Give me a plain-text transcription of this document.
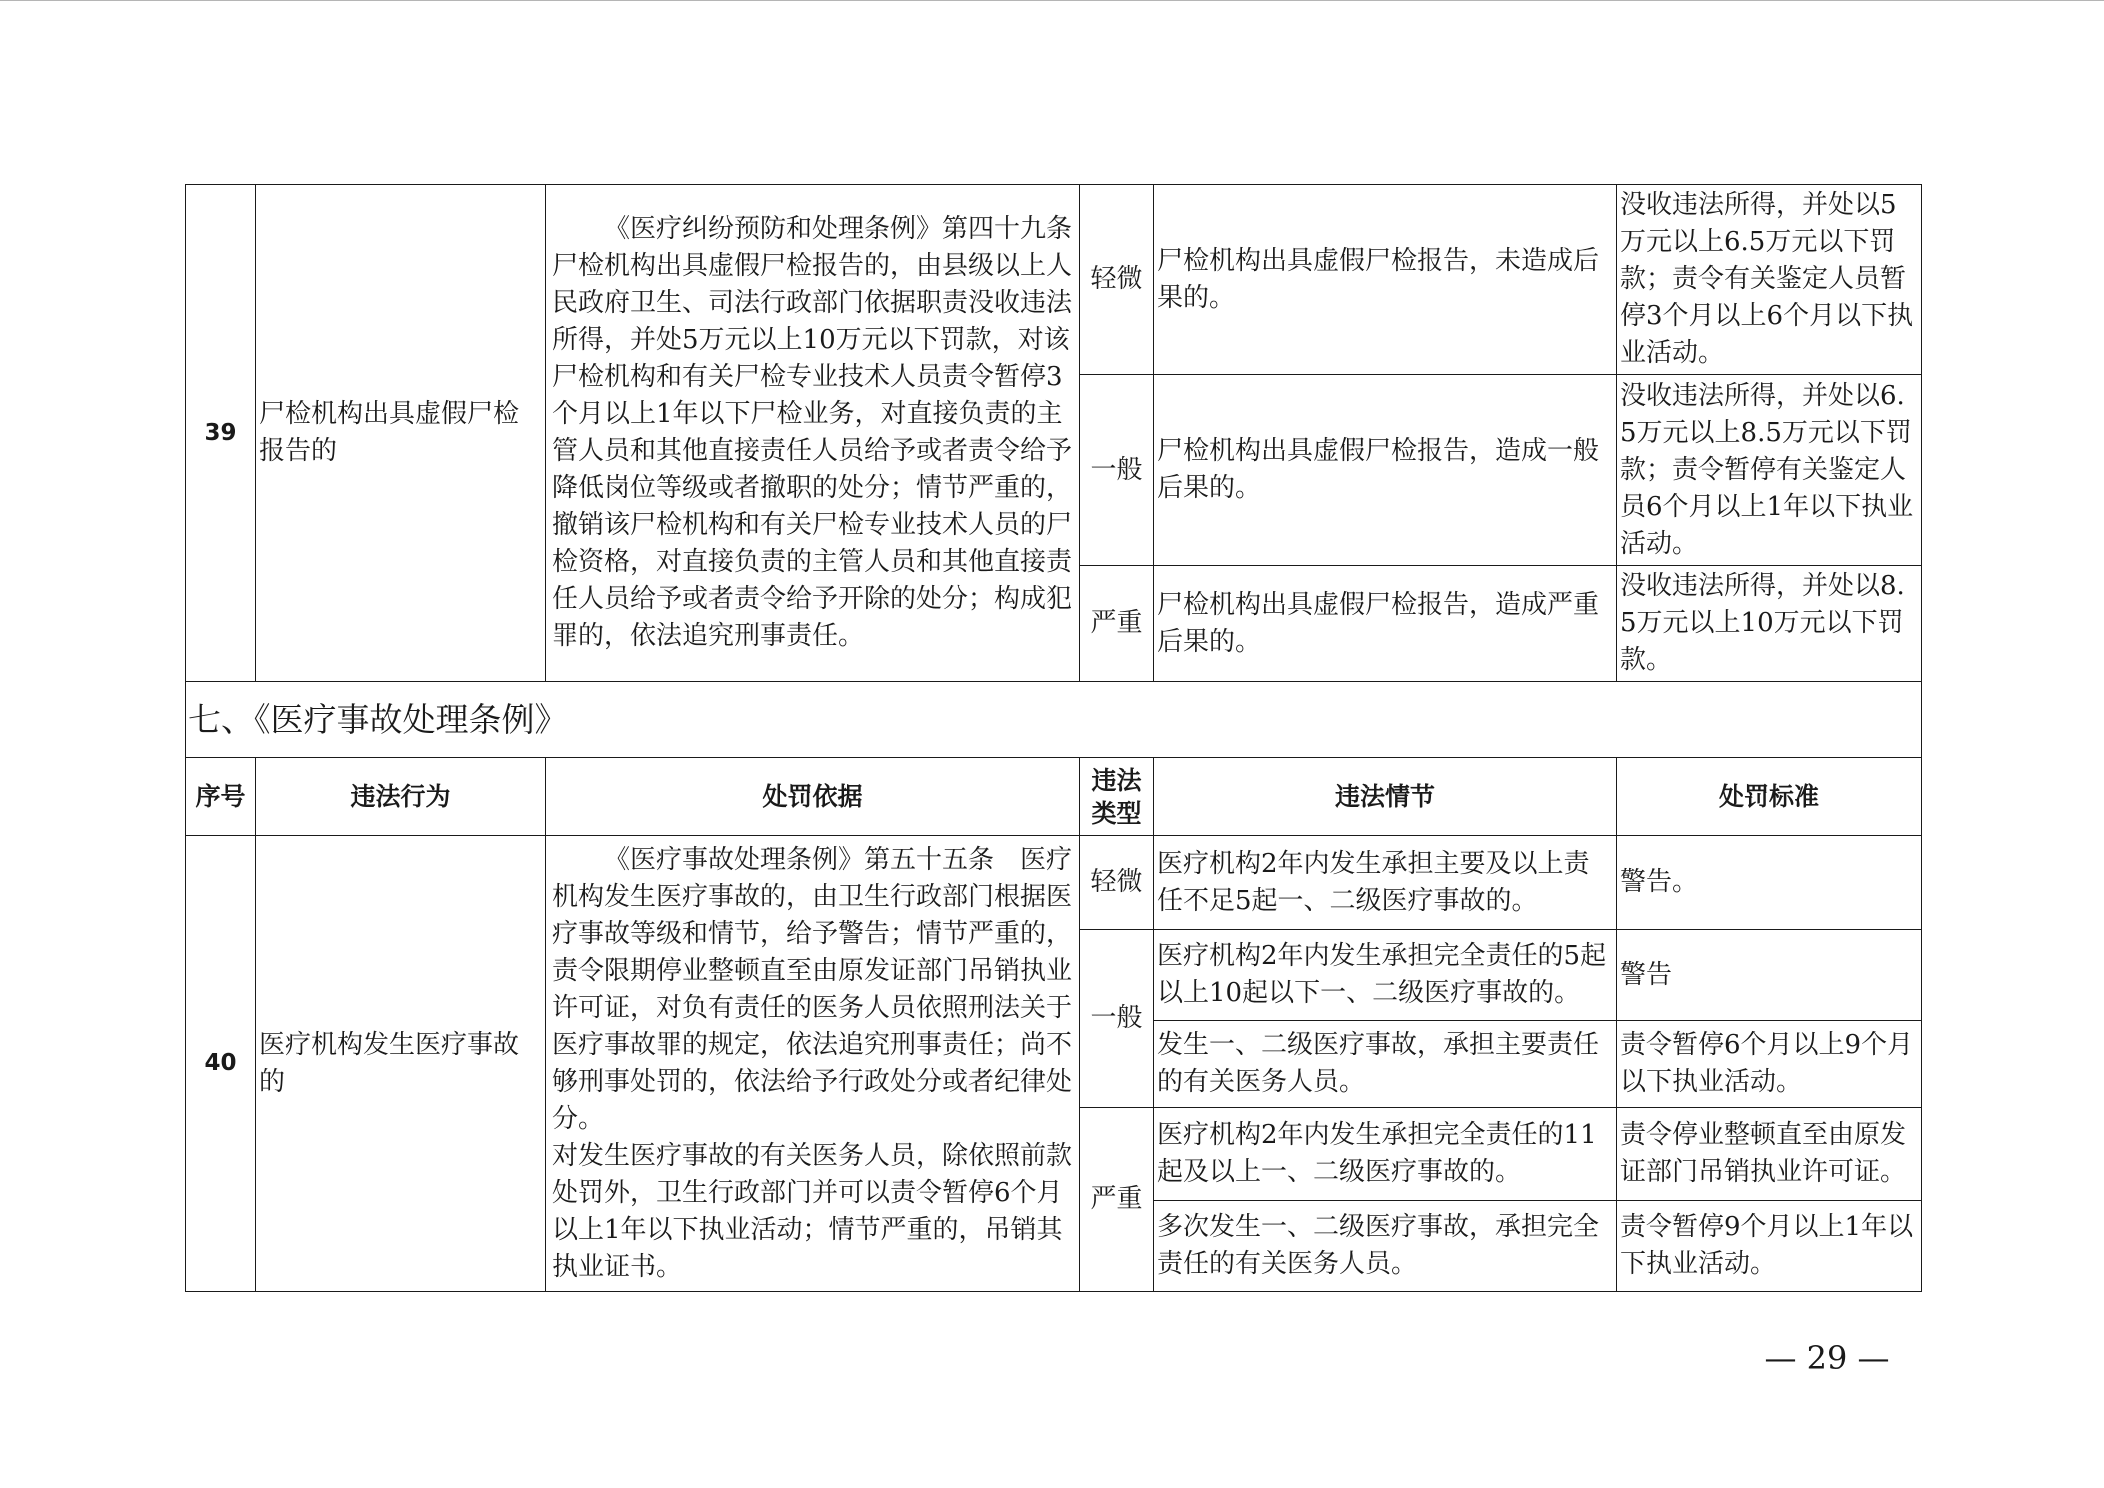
39	尸检机构出具虚假尸检报告的	《医疗纠纷预防和处理条例》第四十九条　尸检机构出具虚假尸检报告的，由县级以上人民政府卫生、司法行政部门依据职责没收违法所得，并处5万元以上10万元以下罚款，对该尸检机构和有关尸检专业技术人员责令暂停3个月以上1年以下尸检业务，对直接负责的主管人员和其他直接责任人员给予或者责令给予降低岗位等级或者撤职的处分；情节严重的，撤销该尸检机构和有关尸检专业技术人员的尸检资格，对直接负责的主管人员和其他直接责任人员给予或者责令给予开除的处分；构成犯罪的，依法追究刑事责任。	轻微	尸检机构出具虚假尸检报告，未造成后果的。	没收违法所得，并处以5万元以上6.5万元以下罚款；责令有关鉴定人员暂停3个月以上6个月以下执业活动。
			一般	尸检机构出具虚假尸检报告，造成一般后果的。	没收违法所得，并处以6.5万元以上8.5万元以下罚款；责令暂停有关鉴定人员6个月以上1年以下执业活动。
			严重	尸检机构出具虚假尸检报告，造成严重后果的。	没收违法所得，并处以8.5万元以上10万元以下罚款。
七、《医疗事故处理条例》					
序号	违法行为	处罚依据	违法类型	违法情节	处罚标准
40	医疗机构发生医疗事故的	《医疗事故处理条例》第五十五条　医疗机构发生医疗事故的，由卫生行政部门根据医疗事故等级和情节，给予警告；情节严重的，责令限期停业整顿直至由原发证部门吊销执业许可证，对负有责任的医务人员依照刑法关于医疗事故罪的规定，依法追究刑事责任；尚不够刑事处罚的，依法给予行政处分或者纪律处分。
对发生医疗事故的有关医务人员，除依照前款处罚外，卫生行政部门并可以责令暂停6个月以上1年以下执业活动；情节严重的，吊销其执业证书。	轻微	医疗机构2年内发生承担主要及以上责任不足5起一、二级医疗事故的。	警告。
			一般	医疗机构2年内发生承担完全责任的5起以上10起以下一、二级医疗事故的。	警告
				发生一、二级医疗事故，承担主要责任的有关医务人员。	责令暂停6个月以上9个月以下执业活动。
			严重	医疗机构2年内发生承担完全责任的11起及以上一、二级医疗事故的。	责令停业整顿直至由原发证部门吊销执业许可证。
				多次发生一、二级医疗事故，承担完全责任的有关医务人员。	责令暂停9个月以上1年以下执业活动。
— 29 —
